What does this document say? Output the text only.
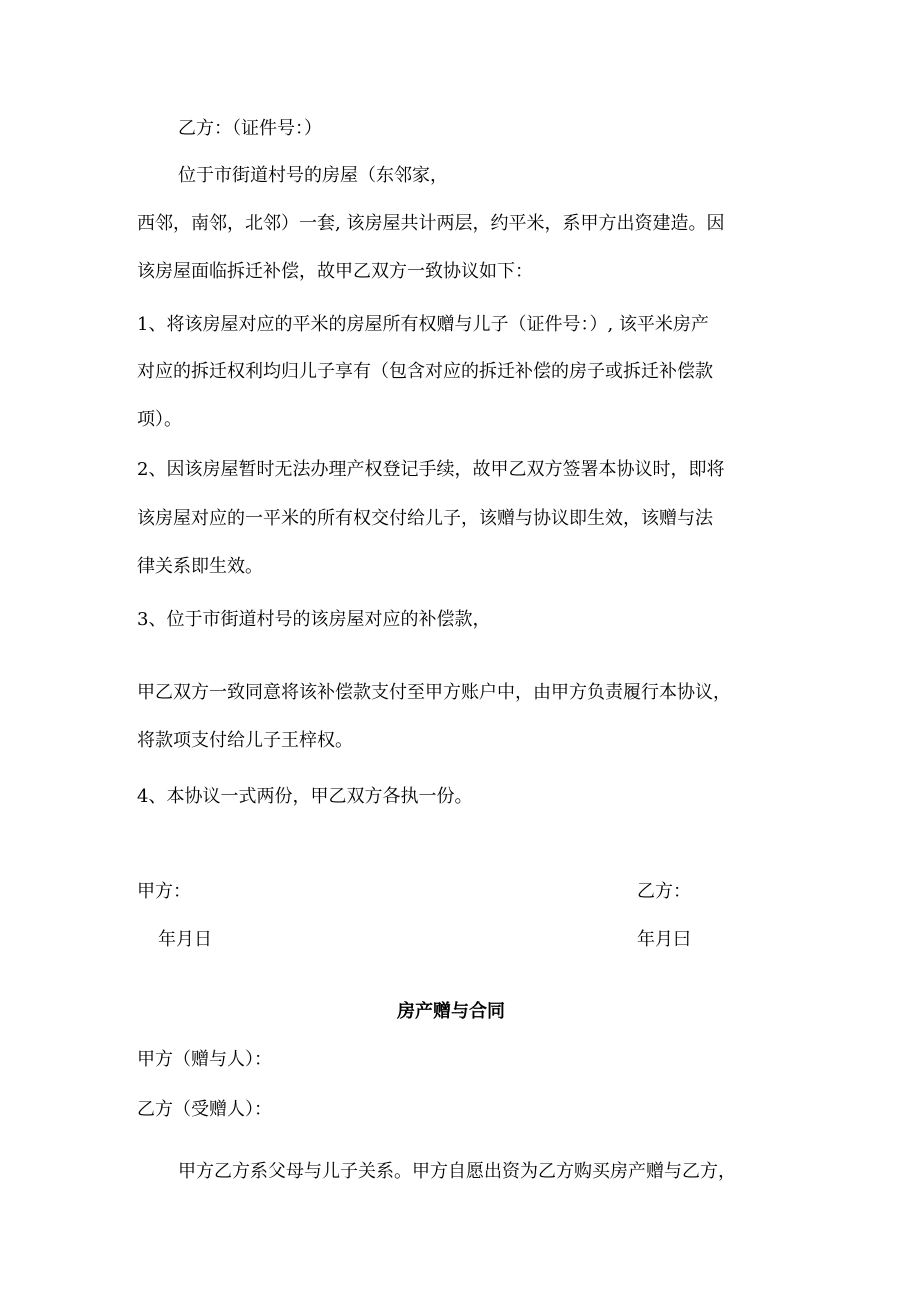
乙方：（证件号：）

位于市街道村号的房屋（东邻家，

西邻，南邻，北邻）一套, 该房屋共计两层，约平米，系甲方出资建造。因

该房屋面临拆迁补偿，故甲乙双方一致协议如下：

1、将该房屋对应的平米的房屋所有权赠与儿子（证件号：）, 该平米房产

对应的拆迁权利均归儿子享有（包含对应的拆迁补偿的房子或拆迁补偿款

项）。

2、因该房屋暂时无法办理产权登记手续，故甲乙双方签署本协议时，即将

该房屋对应的一平米的所有权交付给儿子，该赠与协议即生效，该赠与法

律关系即生效。

3、位于市街道村号的该房屋对应的补偿款，

甲乙双方一致同意将该补偿款支付至甲方账户中，由甲方负责履行本协议，

将款项支付给儿子王梓权。

4、本协议一式两份，甲乙双方各执一份。

甲方：	乙方：

年月日	年月曰

房产赠与合同

甲方（赠与人）：

乙方（受赠人）：

甲方乙方系父母与儿子关系。甲方自愿出资为乙方购买房产赠与乙方，
